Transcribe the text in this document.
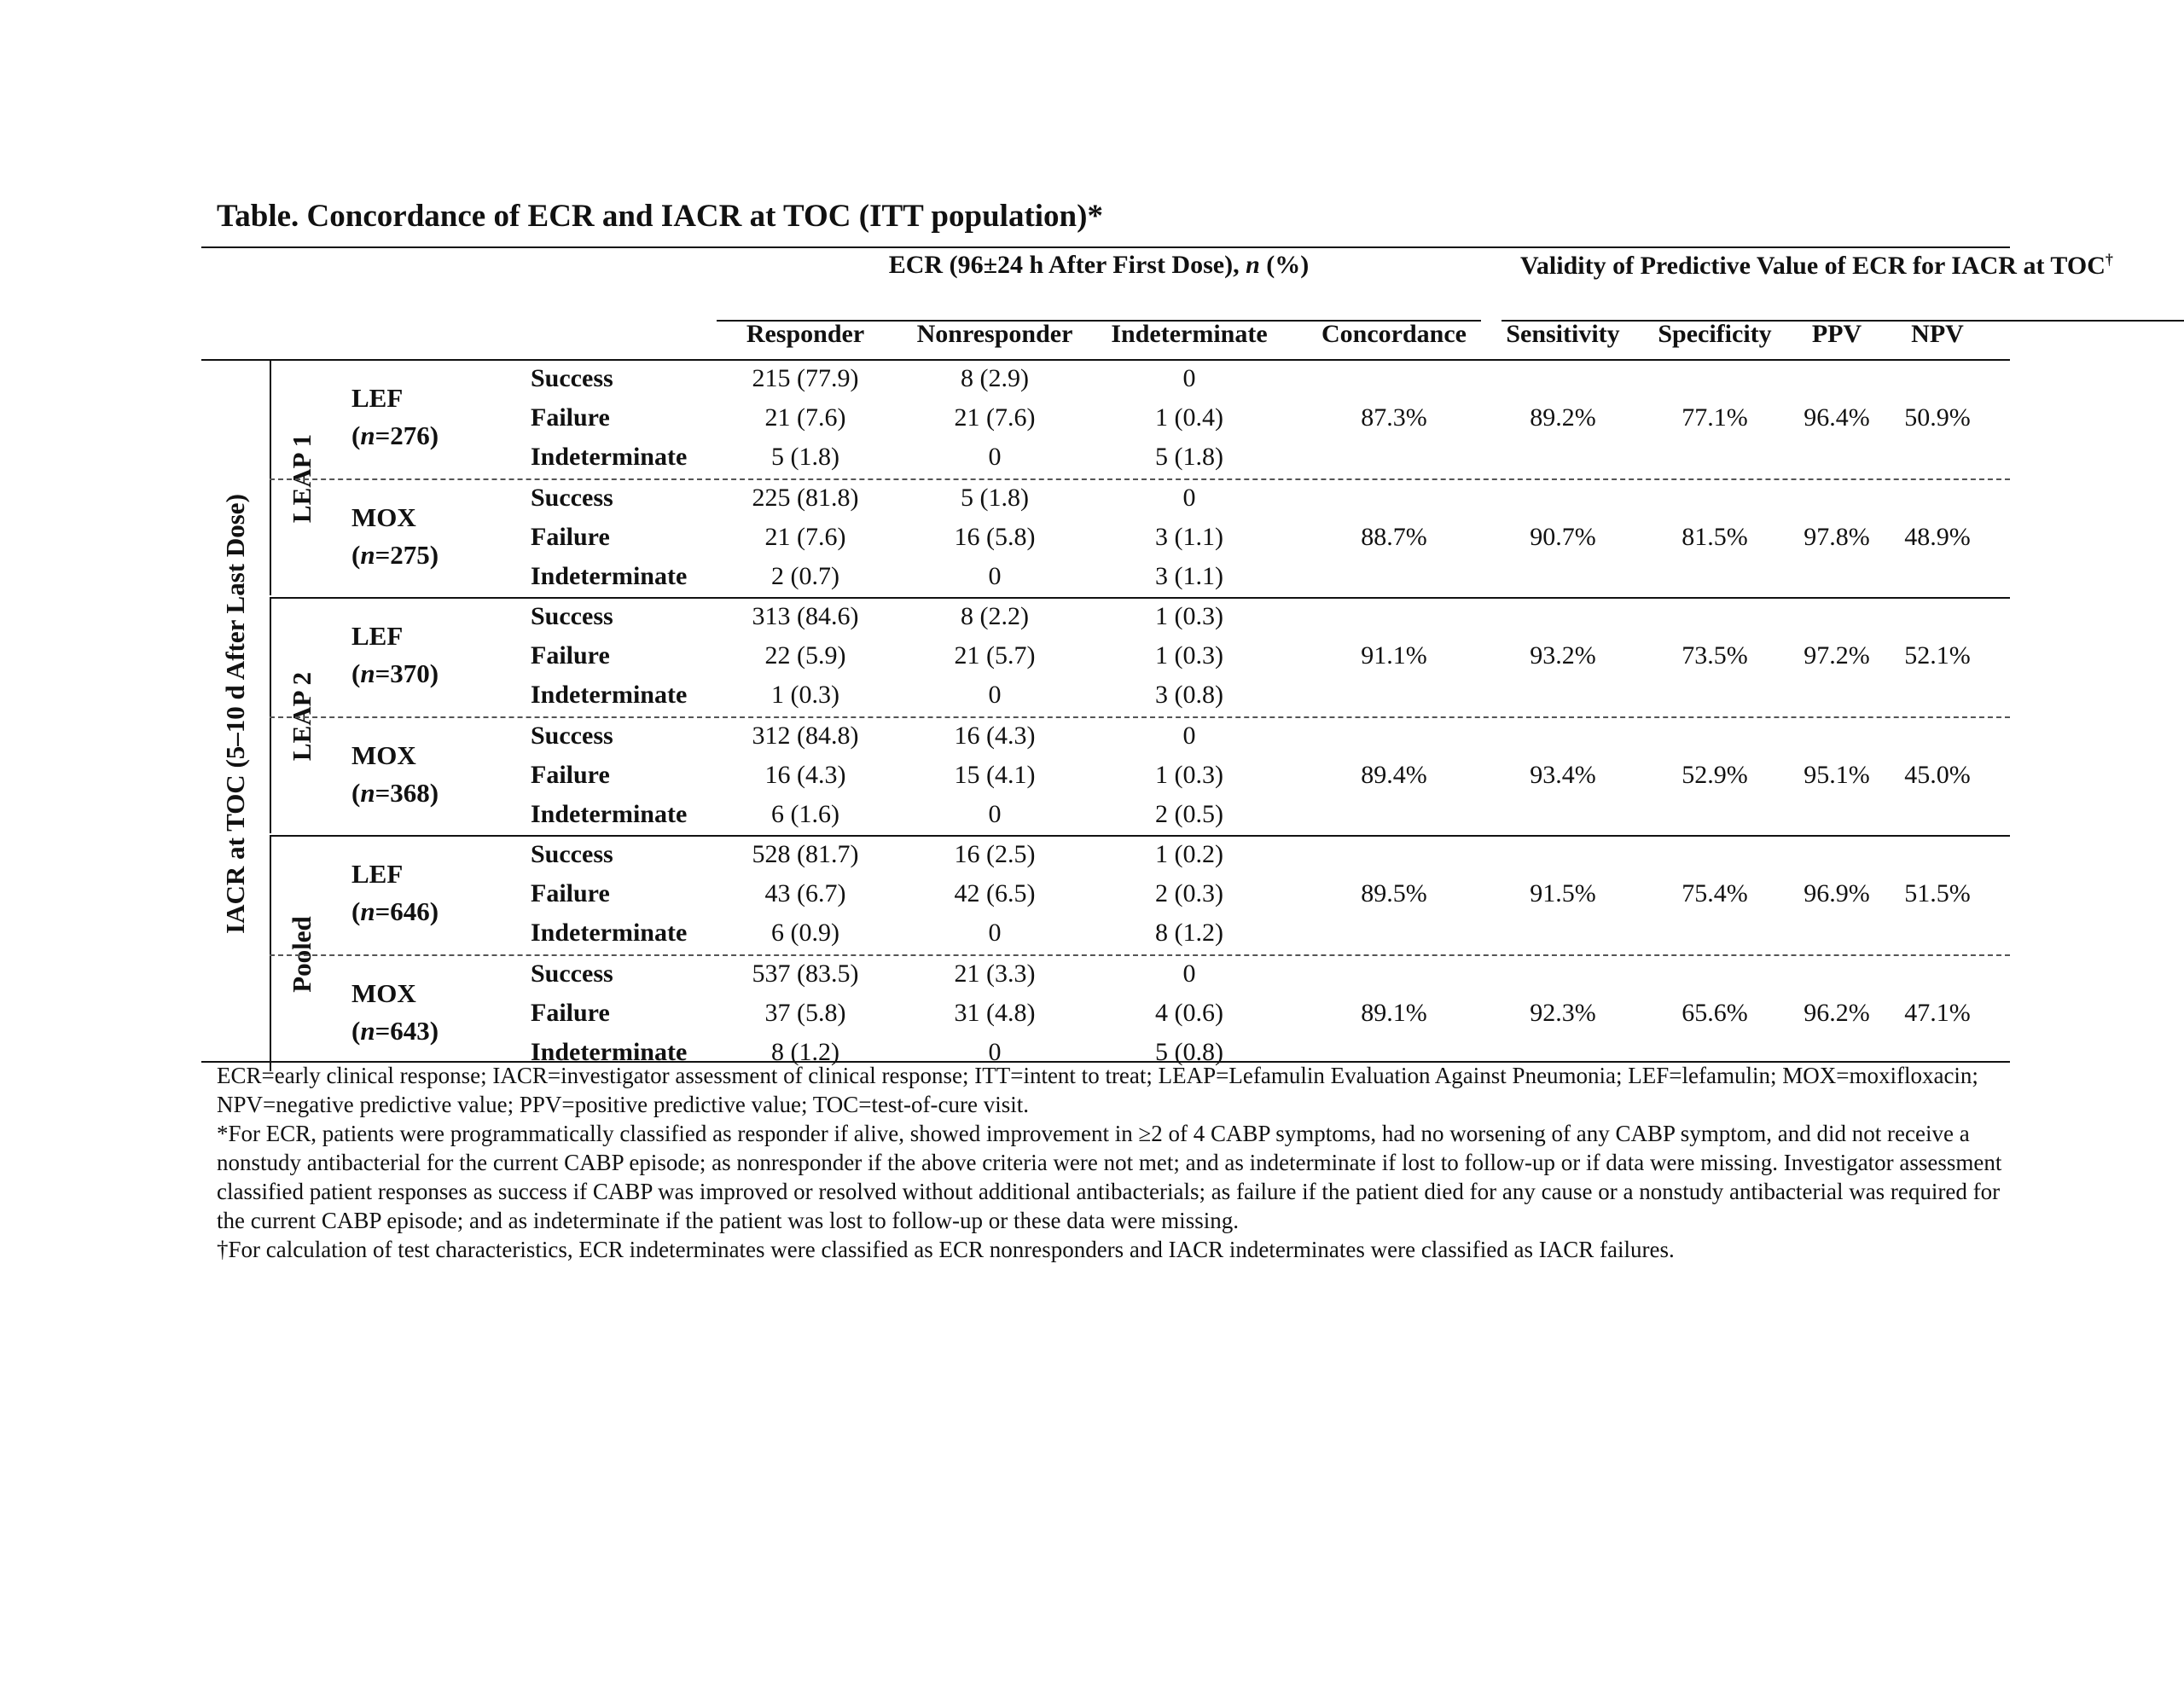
Table. Concordance of ECR and IACR at TOC (ITT population)*
ECR (96±24 h After First Dose), n (%)	Validity of Predictive Value of ECR for IACR at TOC†
Responder	Nonresponder	Indeterminate	Concordance	Sensitivity	Specificity	PPV	NPV
IACR at TOC (5–10 d After Last Dose)
LEAP 1
LEF
(n=276)
Success	215 (77.9)	8 (2.9)	0
Failure	21 (7.6)	21 (7.6)	1 (0.4)
Indeterminate	5 (1.8)	0	5 (1.8)
87.3%	89.2%	77.1%	96.4%	50.9%
MOX
(n=275)
Success	225 (81.8)	5 (1.8)	0
Failure	21 (7.6)	16 (5.8)	3 (1.1)
Indeterminate	2 (0.7)	0	3 (1.1)
88.7%	90.7%	81.5%	97.8%	48.9%
LEAP 2
LEF
(n=370)
Success	313 (84.6)	8 (2.2)	1 (0.3)
Failure	22 (5.9)	21 (5.7)	1 (0.3)
Indeterminate	1 (0.3)	0	3 (0.8)
91.1%	93.2%	73.5%	97.2%	52.1%
MOX
(n=368)
Success	312 (84.8)	16 (4.3)	0
Failure	16 (4.3)	15 (4.1)	1 (0.3)
Indeterminate	6 (1.6)	0	2 (0.5)
89.4%	93.4%	52.9%	95.1%	45.0%
Pooled
LEF
(n=646)
Success	528 (81.7)	16 (2.5)	1 (0.2)
Failure	43 (6.7)	42 (6.5)	2 (0.3)
Indeterminate	6 (0.9)	0	8 (1.2)
89.5%	91.5%	75.4%	96.9%	51.5%
MOX
(n=643)
Success	537 (83.5)	21 (3.3)	0
Failure	37 (5.8)	31 (4.8)	4 (0.6)
Indeterminate	8 (1.2)	0	5 (0.8)
89.1%	92.3%	65.6%	96.2%	47.1%

ECR=early clinical response; IACR=investigator assessment of clinical response; ITT=intent to treat; LEAP=Lefamulin Evaluation Against Pneumonia; LEF=lefamulin; MOX=moxifloxacin; NPV=negative predictive value; PPV=positive predictive value; TOC=test-of-cure visit.

*For ECR, patients were programmatically classified as responder if alive, showed improvement in ≥2 of 4 CABP symptoms, had no worsening of any CABP symptom, and did not receive a nonstudy antibacterial for the current CABP episode; as nonresponder if the above criteria were not met; and as indeterminate if lost to follow-up or if data were missing. Investigator assessment classified patient responses as success if CABP was improved or resolved without additional antibacterials; as failure if the patient died for any cause or a nonstudy antibacterial was required for the current CABP episode; and as indeterminate if the patient was lost to follow-up or these data were missing.

†For calculation of test characteristics, ECR indeterminates were classified as ECR nonresponders and IACR indeterminates were classified as IACR failures.
